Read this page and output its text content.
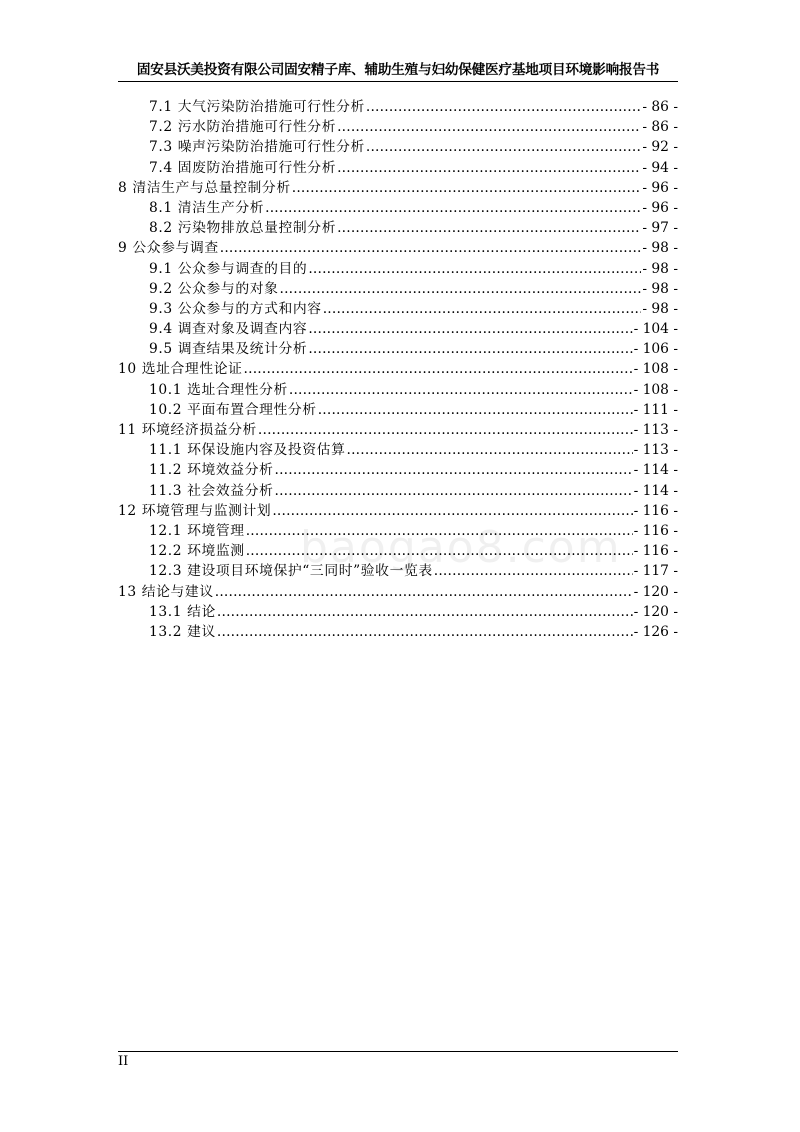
固安县沃美投资有限公司固安精子库、辅助生殖与妇幼保健医疗基地项目环境影响报告书
7.1 大气污染防治措施可行性分析 .....	- 86 -
7.2 污水防治措施可行性分析 .....	- 86 -
7.3 噪声污染防治措施可行性分析 .....	- 92 -
7.4 固废防治措施可行性分析 .....	- 94 -
8 清洁生产与总量控制分析 .....	- 96 -
8.1 清洁生产分析 .....	- 96 -
8.2 污染物排放总量控制分析 .....	- 97 -
9 公众参与调查 .....	- 98 -
9.1 公众参与调查的目的 .....	- 98 -
9.2 公众参与的对象 .....	- 98 -
9.3 公众参与的方式和内容 .....	- 98 -
9.4 调查对象及调查内容 .....	- 104 -
9.5 调查结果及统计分析 .....	- 106 -
10 选址合理性论证 .....	- 108 -
10.1 选址合理性分析 .....	- 108 -
10.2 平面布置合理性分析 .....	- 111 -
11 环境经济损益分析 .....	- 113 -
11.1 环保设施内容及投资估算 .....	- 113 -
11.2 环境效益分析 .....	- 114 -
11.3 社会效益分析 .....	- 114 -
12 环境管理与监测计划 .....	- 116 -
12.1 环境管理 .....	- 116 -
12.2 环境监测 .....	- 116 -
12.3 建设项目环境保护“三同时”验收一览表 .....	- 117 -
13 结论与建议 .....	- 120 -
13.1 结论 .....	- 120 -
13.2 建议 .....	- 126 -
baogao8.com
II
